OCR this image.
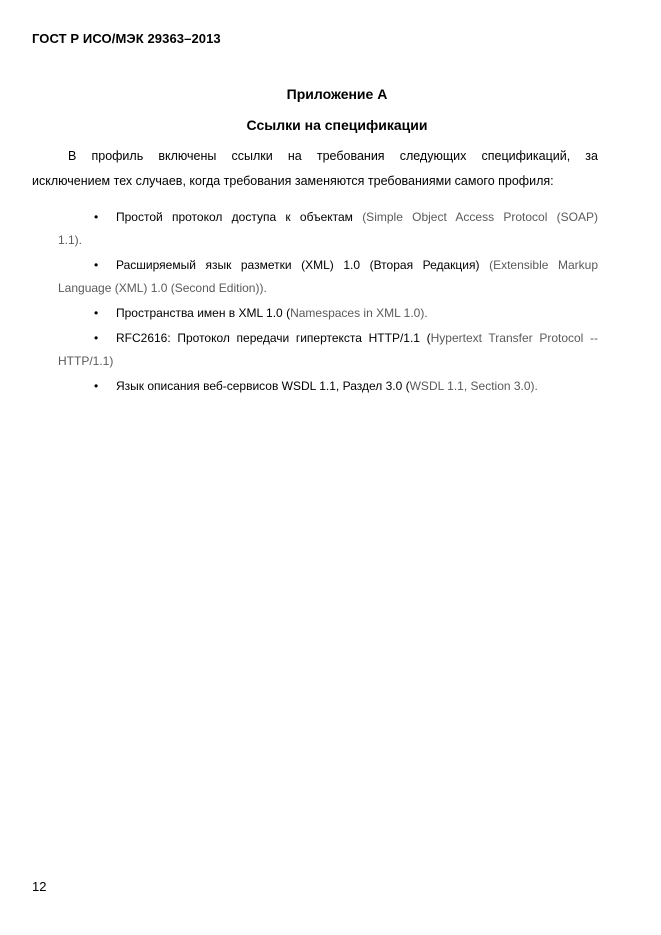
ГОСТ Р ИСО/МЭК 29363–2013
Приложение А
Ссылки на спецификации
В профиль включены ссылки на требования следующих спецификаций, за
исключением тех случаев, когда требования заменяются требованиями самого профиля:
•	Простой протокол доступа к объектам (Simple Object Access Protocol (SOAP)
1.1).
•	Расширяемый язык разметки (XML) 1.0 (Вторая Редакция) (Extensible Markup
Language (XML) 1.0 (Second Edition)).
•	Пространства имен в XML 1.0 (Namespaces in XML 1.0).
•	RFC2616: Протокол передачи гипертекста HTTP/1.1 (Hypertext Transfer Protocol --
HTTP/1.1)
•	Язык описания веб-сервисов WSDL 1.1, Раздел 3.0 (WSDL 1.1, Section 3.0).
12
